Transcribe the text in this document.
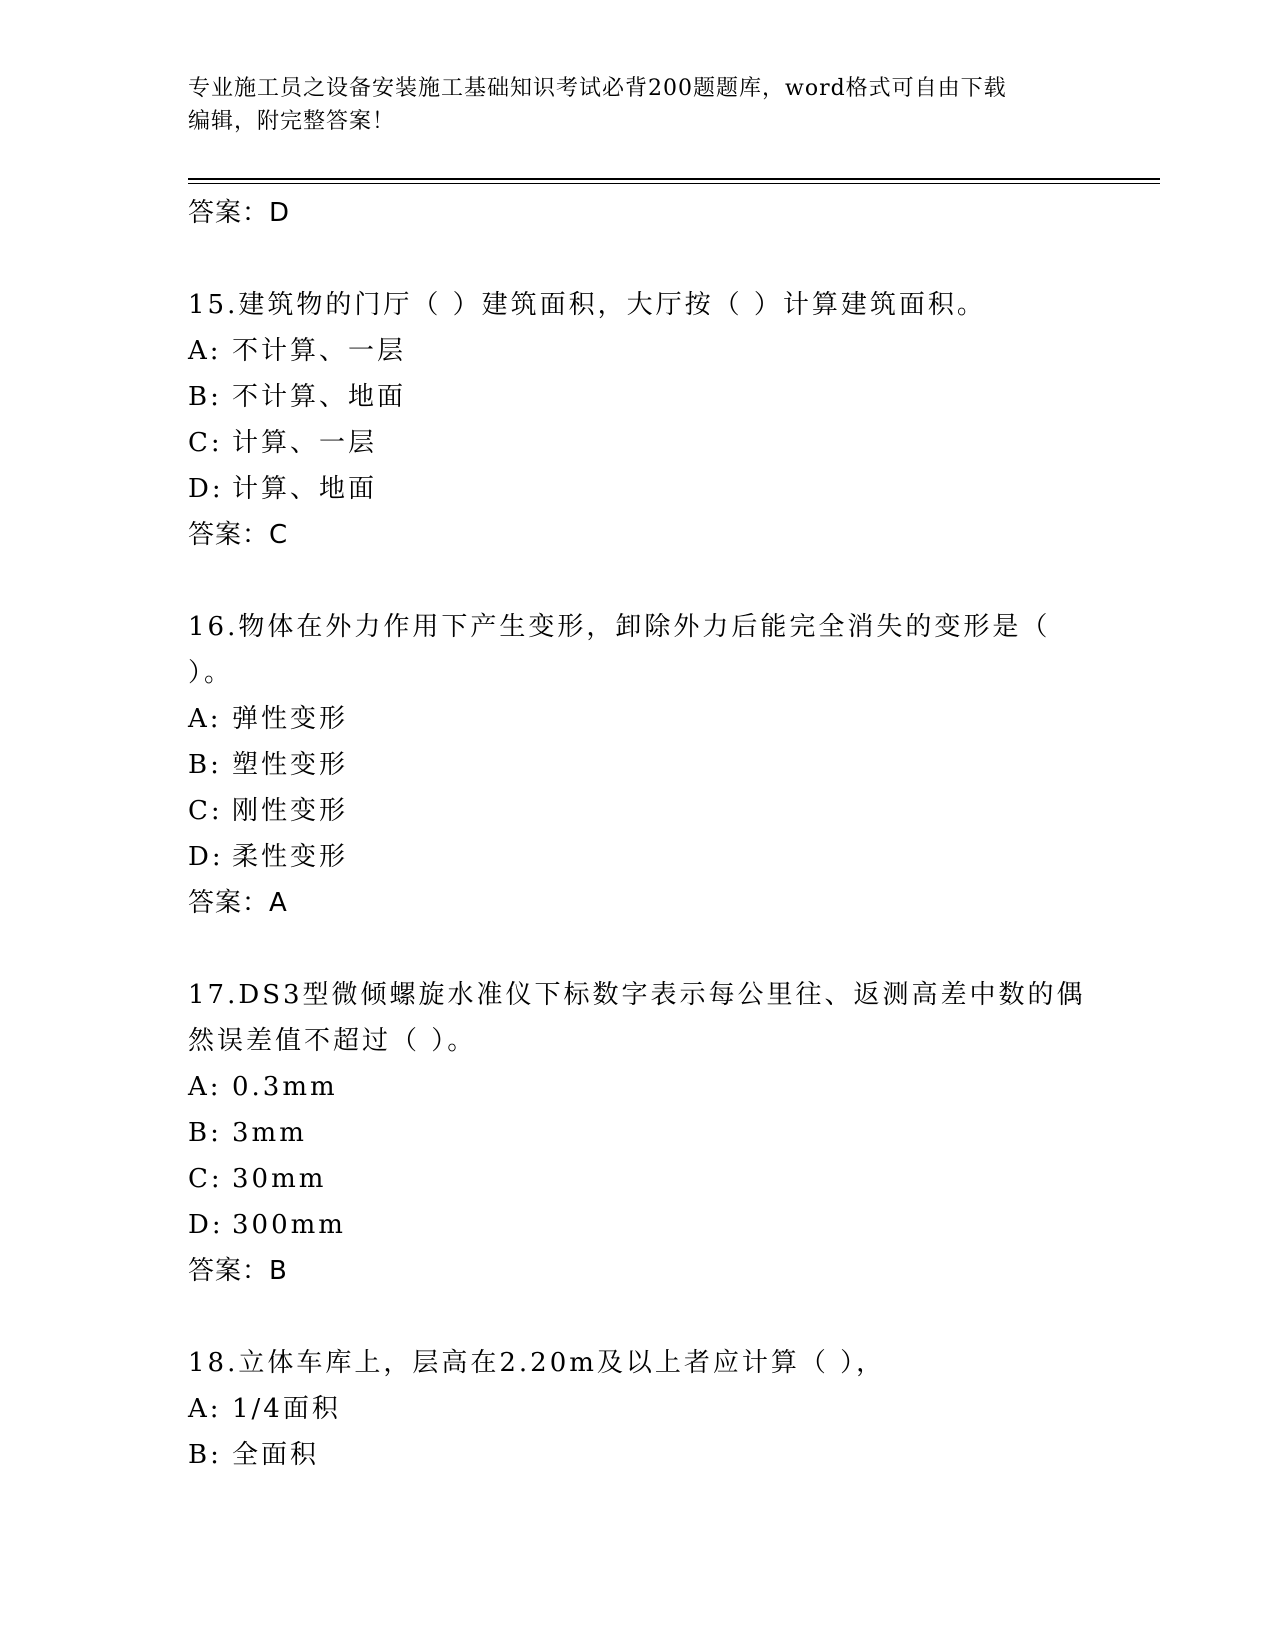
专业施工员之设备安装施工基础知识考试必背200题题库，word格式可自由下载
编辑，附完整答案！
答案：D
15.建筑物的门厅（ ）建筑面积，大厅按（ ）计算建筑面积。
A: 不计算、一层
B: 不计算、地面
C: 计算、一层
D: 计算、地面
答案：C
16.物体在外力作用下产生变形，卸除外力后能完全消失的变形是（
）。
A: 弹性变形
B: 塑性变形
C: 刚性变形
D: 柔性变形
答案：A
17.DS3型微倾螺旋水准仪下标数字表示每公里往、返测高差中数的偶
然误差值不超过（ ）。
A: 0.3mm
B: 3mm
C: 30mm
D: 300mm
答案：B
18.立体车库上，层高在2.20m及以上者应计算（ ），
A: 1/4面积
B: 全面积
